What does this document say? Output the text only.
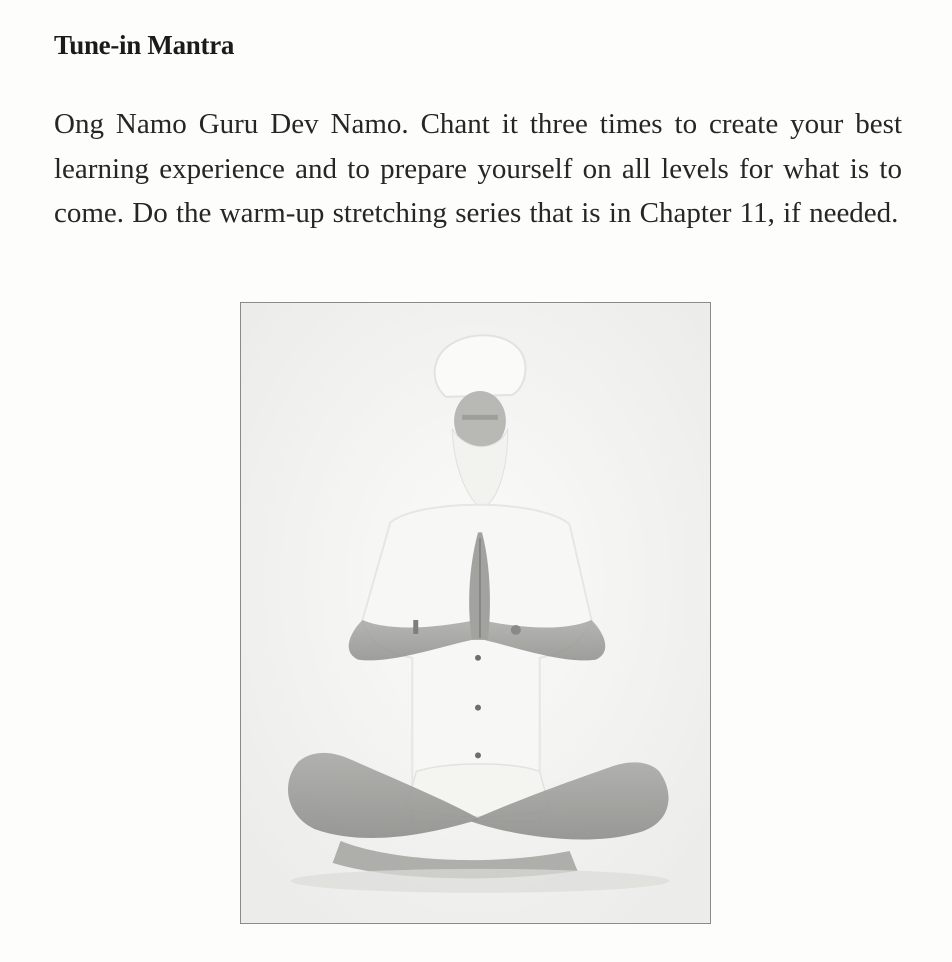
Tune-in Mantra
Ong Namo Guru Dev Namo. Chant it three times to create your best learning experience and to prepare yourself on all levels for what is to come. Do the warm-up stretching series that is in Chapter 11, if needed.
